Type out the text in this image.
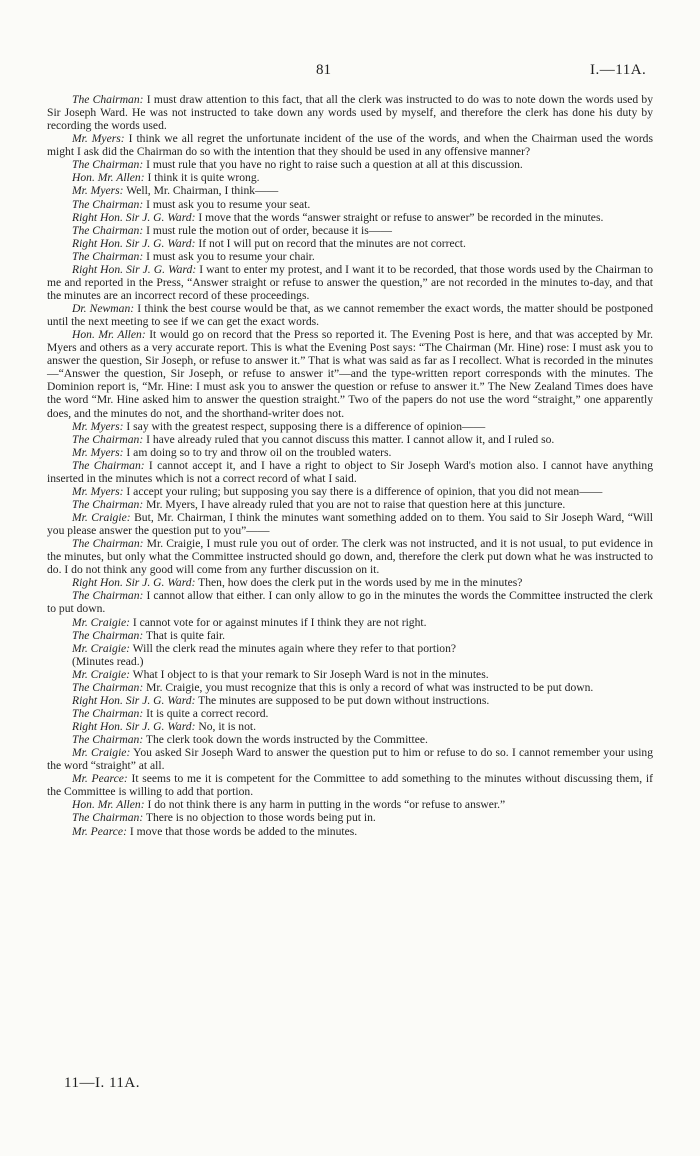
81	I.—11A.

The Chairman: I must draw attention to this fact, that all the clerk was instructed to do was to note down the words used by Sir Joseph Ward. He was not instructed to take down any words used by myself, and therefore the clerk has done his duty by recording the words used.

Mr. Myers: I think we all regret the unfortunate incident of the use of the words, and when the Chairman used the words might I ask did the Chairman do so with the intention that they should be used in any offensive manner?

The Chairman: I must rule that you have no right to raise such a question at all at this discussion.

Hon. Mr. Allen: I think it is quite wrong.

Mr. Myers: Well, Mr. Chairman, I think——

The Chairman: I must ask you to resume your seat.

Right Hon. Sir J. G. Ward: I move that the words “answer straight or refuse to answer” be recorded in the minutes.

The Chairman: I must rule the motion out of order, because it is——

Right Hon. Sir J. G. Ward: If not I will put on record that the minutes are not correct.

The Chairman: I must ask you to resume your chair.

Right Hon. Sir J. G. Ward: I want to enter my protest, and I want it to be recorded, that those words used by the Chairman to me and reported in the Press, “Answer straight or refuse to answer the question,” are not recorded in the minutes to-day, and that the minutes are an incorrect record of these proceedings.

Dr. Newman: I think the best course would be that, as we cannot remember the exact words, the matter should be postponed until the next meeting to see if we can get the exact words.

Hon. Mr. Allen: It would go on record that the Press so reported it. The Evening Post is here, and that was accepted by Mr. Myers and others as a very accurate report. This is what the Evening Post says: “The Chairman (Mr. Hine) rose: I must ask you to answer the question, Sir Joseph, or refuse to answer it.” That is what was said as far as I recollect. What is recorded in the minutes—“Answer the question, Sir Joseph, or refuse to answer it”—and the type-written report corresponds with the minutes. The Dominion report is, “Mr. Hine: I must ask you to answer the question or refuse to answer it.” The New Zealand Times does have the word “Mr. Hine asked him to answer the question straight.” Two of the papers do not use the word “straight,” one apparently does, and the minutes do not, and the shorthand-writer does not.

Mr. Myers: I say with the greatest respect, supposing there is a difference of opinion——

The Chairman: I have already ruled that you cannot discuss this matter. I cannot allow it, and I ruled so.

Mr. Myers: I am doing so to try and throw oil on the troubled waters.

The Chairman: I cannot accept it, and I have a right to object to Sir Joseph Ward's motion also. I cannot have anything inserted in the minutes which is not a correct record of what I said.

Mr. Myers: I accept your ruling; but supposing you say there is a difference of opinion, that you did not mean——

The Chairman: Mr. Myers, I have already ruled that you are not to raise that question here at this juncture.

Mr. Craigie: But, Mr. Chairman, I think the minutes want something added on to them. You said to Sir Joseph Ward, “Will you please answer the question put to you”——

The Chairman: Mr. Craigie, I must rule you out of order. The clerk was not instructed, and it is not usual, to put evidence in the minutes, but only what the Committee instructed should go down, and, therefore the clerk put down what he was instructed to do. I do not think any good will come from any further discussion on it.

Right Hon. Sir J. G. Ward: Then, how does the clerk put in the words used by me in the minutes?

The Chairman: I cannot allow that either. I can only allow to go in the minutes the words the Committee instructed the clerk to put down.

Mr. Craigie: I cannot vote for or against minutes if I think they are not right.

The Chairman: That is quite fair.

Mr. Craigie: Will the clerk read the minutes again where they refer to that portion?

(Minutes read.)

Mr. Craigie: What I object to is that your remark to Sir Joseph Ward is not in the minutes.

The Chairman: Mr. Craigie, you must recognize that this is only a record of what was instructed to be put down.

Right Hon. Sir J. G. Ward: The minutes are supposed to be put down without instructions.

The Chairman: It is quite a correct record.

Right Hon. Sir J. G. Ward: No, it is not.

The Chairman: The clerk took down the words instructed by the Committee.

Mr. Craigie: You asked Sir Joseph Ward to answer the question put to him or refuse to do so. I cannot remember your using the word “straight” at all.

Mr. Pearce: It seems to me it is competent for the Committee to add something to the minutes without discussing them, if the Committee is willing to add that portion.

Hon. Mr. Allen: I do not think there is any harm in putting in the words “or refuse to answer.”

The Chairman: There is no objection to those words being put in.

Mr. Pearce: I move that those words be added to the minutes.

11—I. 11A.
